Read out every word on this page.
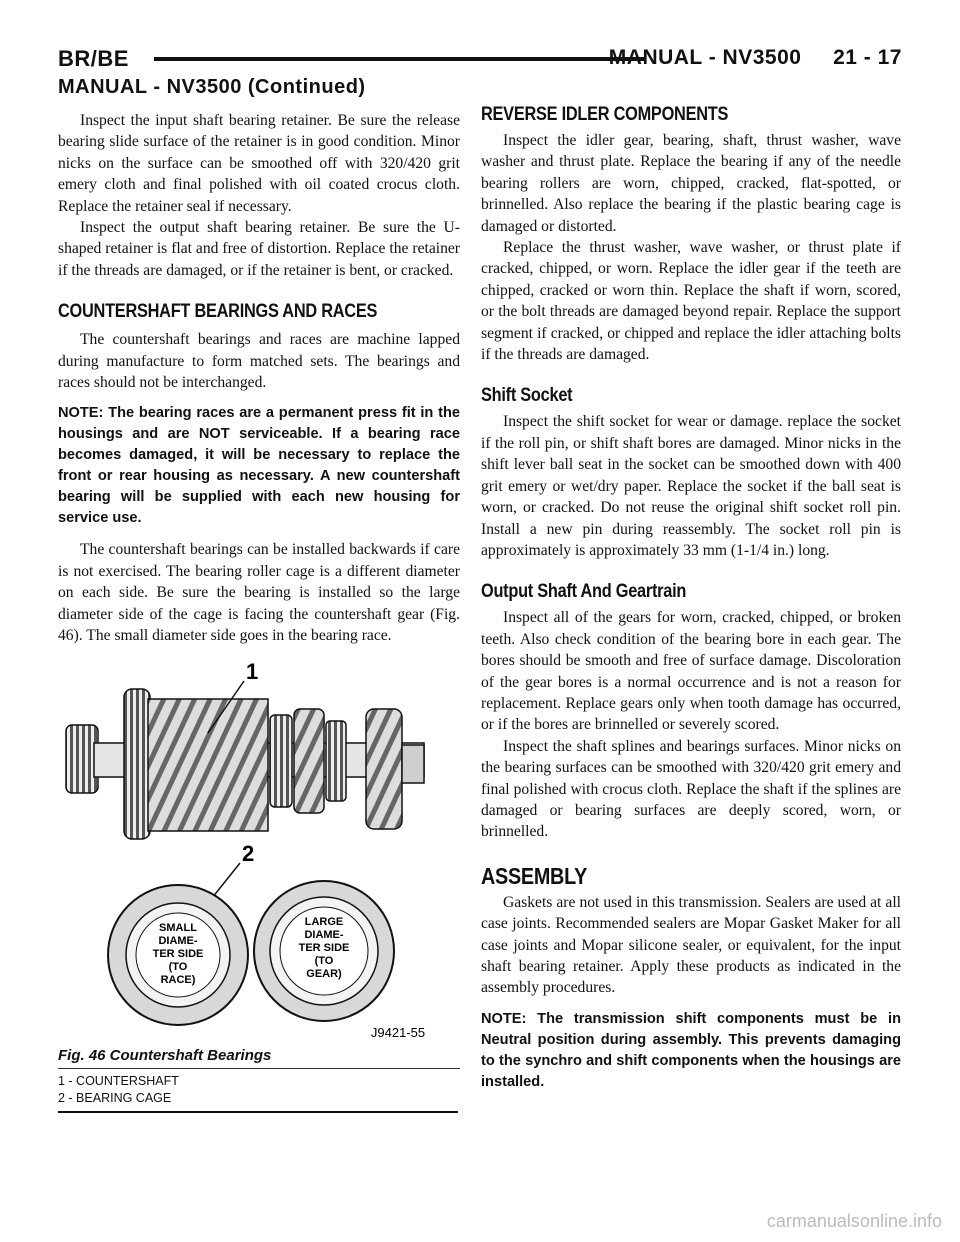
BR/BE	MANUAL - NV3500     21 - 17
MANUAL - NV3500 (Continued)

Inspect the input shaft bearing retainer. Be sure the release bearing slide surface of the retainer is in good condition. Minor nicks on the surface can be smoothed off with 320/420 grit emery cloth and final polished with oil coated crocus cloth. Replace the retainer seal if necessary.

Inspect the output shaft bearing retainer. Be sure the U-shaped retainer is flat and free of distortion. Replace the retainer if the threads are damaged, or if the retainer is bent, or cracked.

COUNTERSHAFT BEARINGS AND RACES

The countershaft bearings and races are machine lapped during manufacture to form matched sets. The bearings and races should not be interchanged.

NOTE: The bearing races are a permanent press fit in the housings and are NOT serviceable. If a bearing race becomes damaged, it will be necessary to replace the front or rear housing as necessary. A new countershaft bearing will be supplied with each new housing for service use.

The countershaft bearings can be installed backwards if care is not exercised. The bearing roller cage is a different diameter on each side. Be sure the bearing is installed so the large diameter side of the cage is facing the countershaft gear (Fig. 46). The small diameter side goes in the bearing race.

1
2
SMALL
DIAME-
TER SIDE
(TO
RACE)
LARGE
DIAME-
TER SIDE
(TO
GEAR)
J9421-55
Fig. 46 Countershaft Bearings
1 - COUNTERSHAFT
2 - BEARING CAGE
REVERSE IDLER COMPONENTS

Inspect the idler gear, bearing, shaft, thrust washer, wave washer and thrust plate. Replace the bearing if any of the needle bearing rollers are worn, chipped, cracked, flat-spotted, or brinnelled. Also replace the bearing if the plastic bearing cage is damaged or distorted.

Replace the thrust washer, wave washer, or thrust plate if cracked, chipped, or worn. Replace the idler gear if the teeth are chipped, cracked or worn thin. Replace the shaft if worn, scored, or the bolt threads are damaged beyond repair. Replace the support segment if cracked, or chipped and replace the idler attaching bolts if the threads are damaged.

Shift Socket

Inspect the shift socket for wear or damage. replace the socket if the roll pin, or shift shaft bores are damaged. Minor nicks in the shift lever ball seat in the socket can be smoothed down with 400 grit emery or wet/dry paper. Replace the socket if the ball seat is worn, or cracked. Do not reuse the original shift socket roll pin. Install a new pin during reassembly. The socket roll pin is approximately is approximately 33 mm (1-1/4 in.) long.

Output Shaft And Geartrain

Inspect all of the gears for worn, cracked, chipped, or broken teeth. Also check condition of the bearing bore in each gear. The bores should be smooth and free of surface damage. Discoloration of the gear bores is a normal occurrence and is not a reason for replacement. Replace gears only when tooth damage has occurred, or if the bores are brinnelled or severely scored.

Inspect the shaft splines and bearings surfaces. Minor nicks on the bearing surfaces can be smoothed with 320/420 grit emery and final polished with crocus cloth. Replace the shaft if the splines are damaged or bearing surfaces are deeply scored, worn, or brinnelled.

ASSEMBLY

Gaskets are not used in this transmission. Sealers are used at all case joints. Recommended sealers are Mopar Gasket Maker for all case joints and Mopar silicone sealer, or equivalent, for the input shaft bearing retainer. Apply these products as indicated in the assembly procedures.

NOTE: The transmission shift components must be in Neutral position during assembly. This prevents damaging to the synchro and shift components when the housings are installed.

carmanualsonline.info
